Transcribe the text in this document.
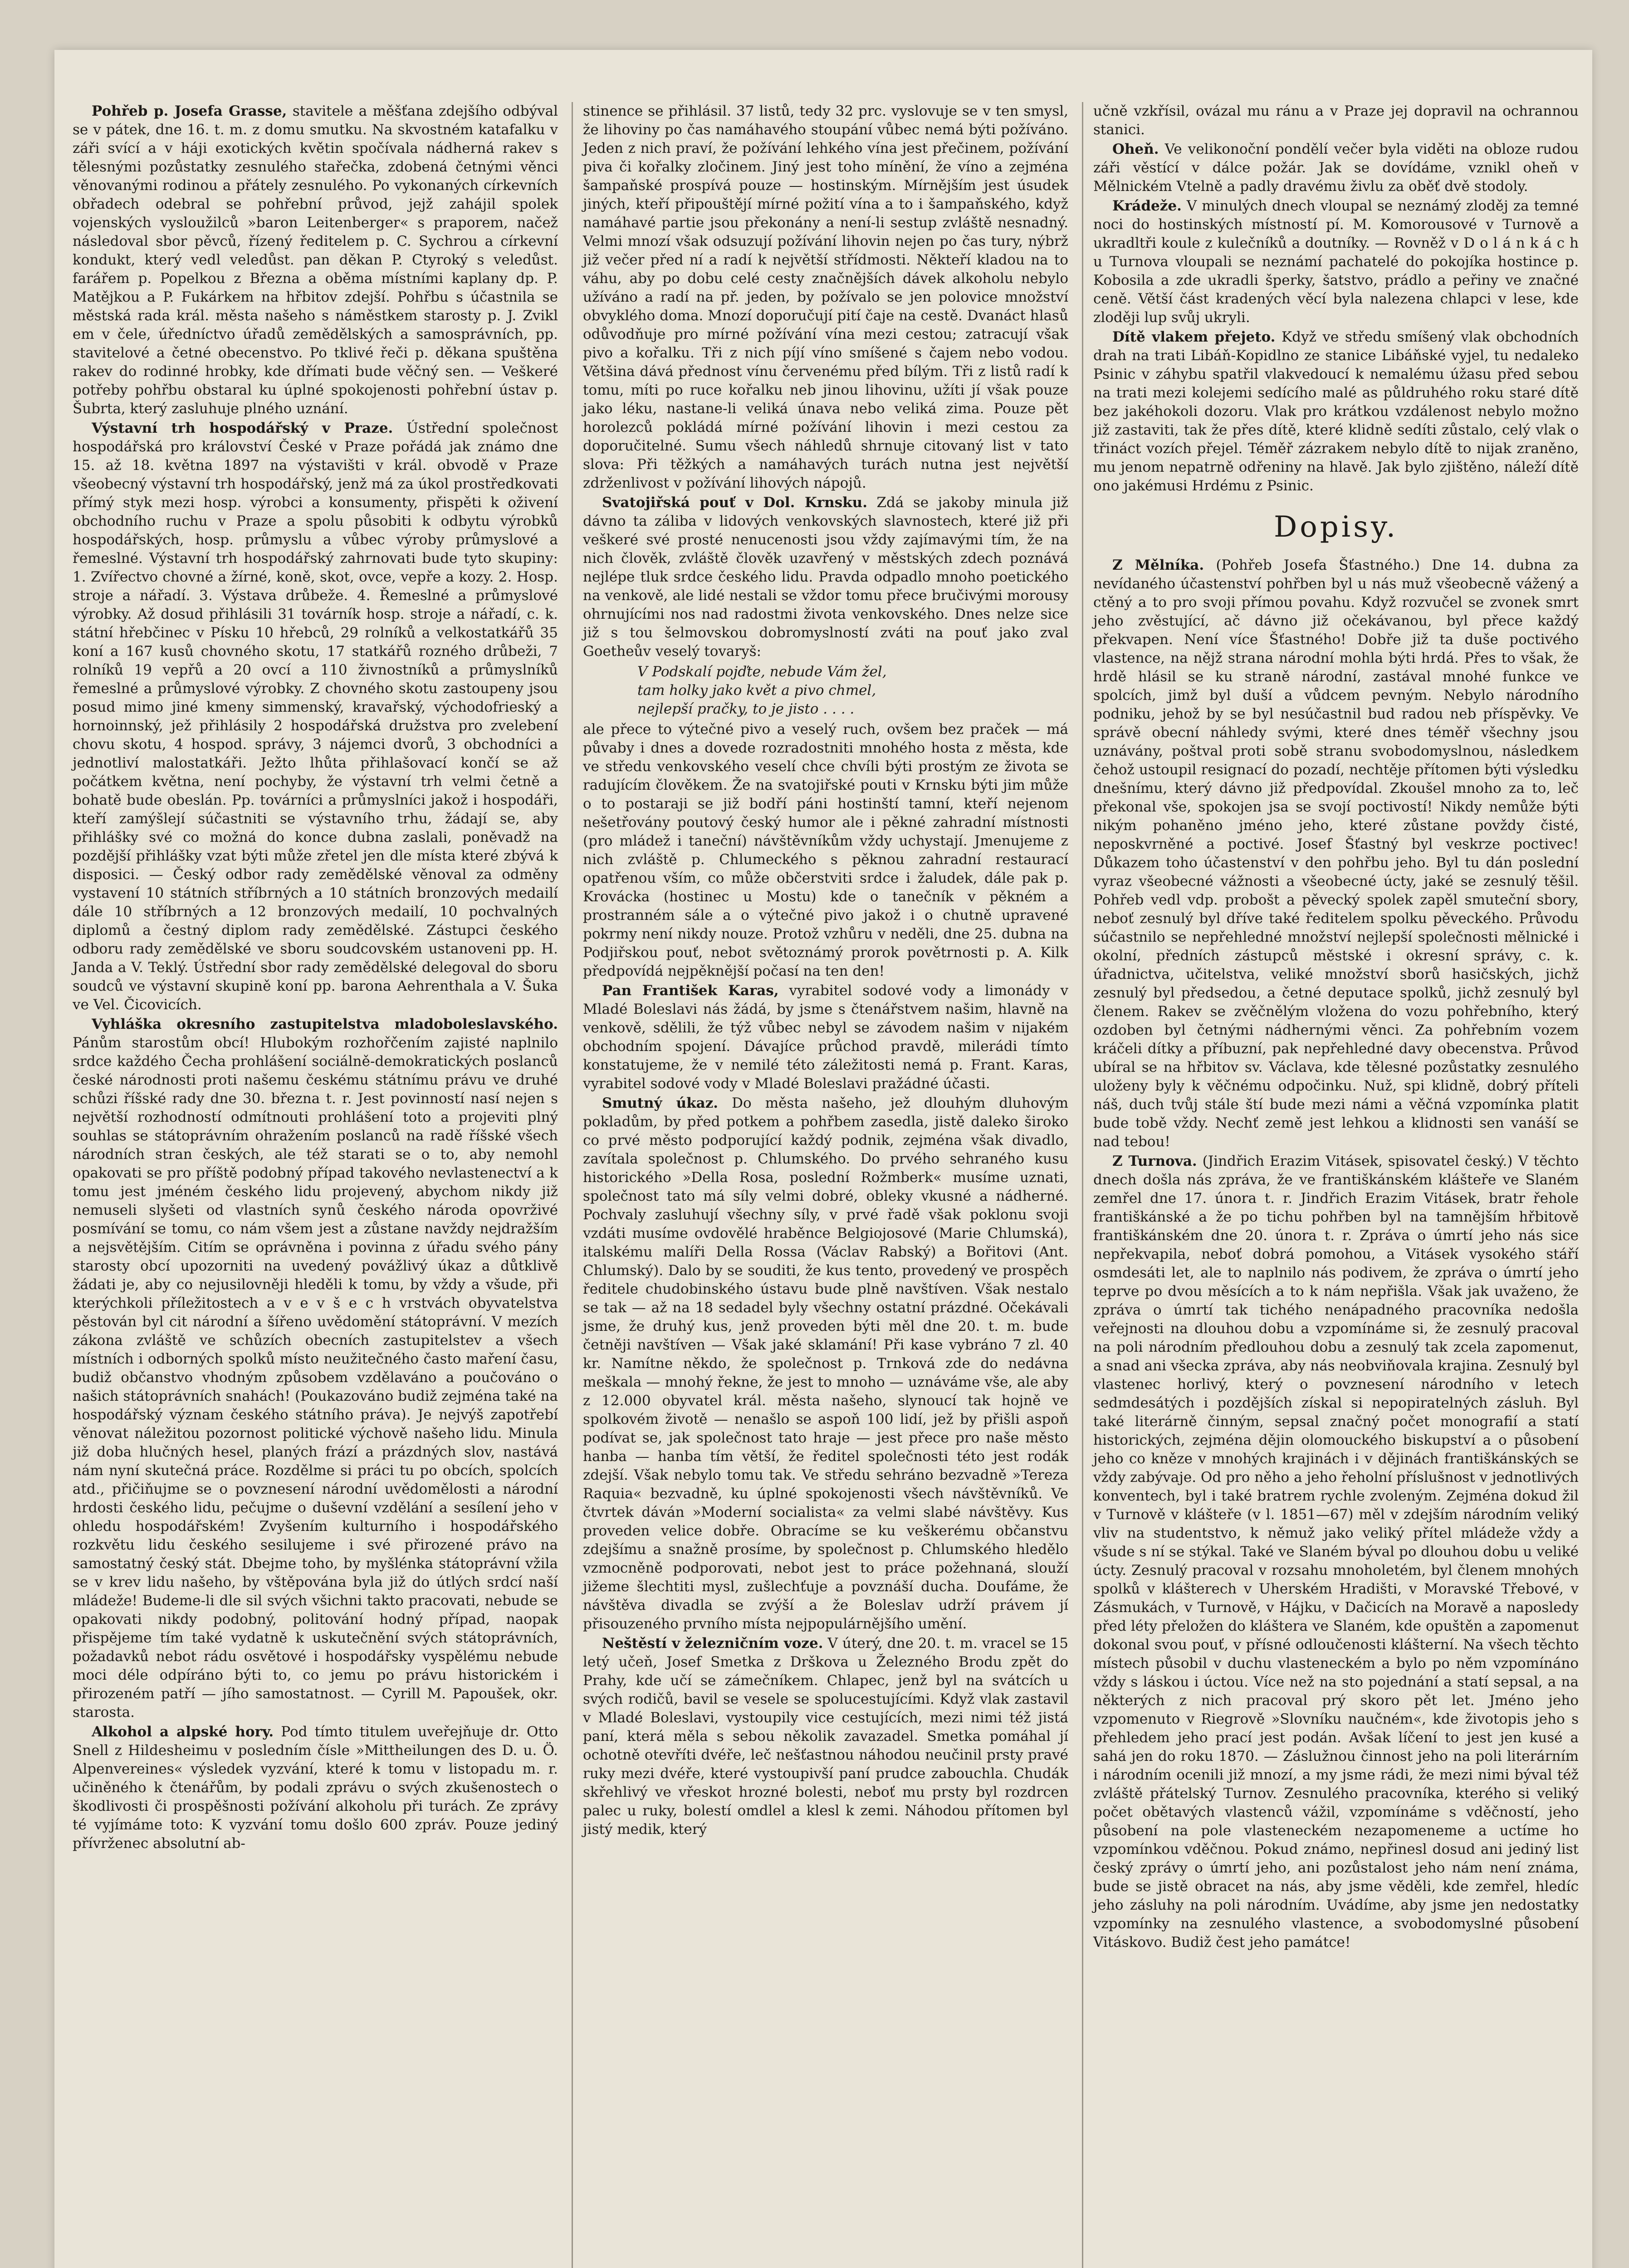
Pohřeb p. Josefa Grasse, stavitele a měšťana zdejšího odbýval se v pátek, dne 16. t. m. z domu smutku. Na skvostném katafalku v záři svící a v háji exotických květin spočívala nádherná rakev s tělesnými pozůstatky zesnulého stařečka, zdobená četnými věnci věnovanými rodinou a přátely zesnulého. Po vykonaných církevních obřadech odebral se pohřební průvod, jejž zahájil spolek vojenských vysloužilců »baron Leitenberger« s praporem, načež následoval sbor pěvců, řízený ředitelem p. C. Sychrou a církevní kondukt, který vedl veledůst. pan děkan P. Ctyroký s veledůst. farářem p. Popelkou z Března a oběma místními kaplany dp. P. Matějkou a P. Fukárkem na hřbitov zdejší. Pohřbu s účastnila se městská rada král. města našeho s náměstkem starosty p. J. Zvikl em v čele, úředníctvo úřadů zemědělských a samosprávních, pp. stavitelové a četné obecenstvo. Po tklivé řeči p. děkana spuštěna rakev do rodinné hrobky, kde dřímati bude věčný sen. — Veškeré potřeby pohřbu obstaral ku úplné spokojenosti pohřební ústav p. Šubrta, který zasluhuje plného uznání.

Výstavní trh hospodářský v Praze. Ústřední společnost hospodářská pro království České v Praze pořádá jak známo dne 15. až 18. května 1897 na výstavišti v král. obvodě v Praze všeobecný výstavní trh hospodářský, jenž má za úkol prostředkovati přímý styk mezi hosp. výrobci a konsumenty, přispěti k oživení obchodního ruchu v Praze a spolu působiti k odbytu výrobků hospodářských, hosp. průmyslu a vůbec výroby průmyslové a řemeslné. Výstavní trh hospodářský zahrnovati bude tyto skupiny: 1. Zvířectvo chovné a žírné, koně, skot, ovce, vepře a kozy. 2. Hosp. stroje a nářadí. 3. Výstava drůbeže. 4. Řemeslné a průmyslové výrobky. Až dosud přihlásili 31 továrník hosp. stroje a nářadí, c. k. státní hřebčinec v Písku 10 hřebců, 29 rolníků a velkostatkářů 35 koní a 167 kusů chovného skotu, 17 statkářů rozného drůbeži, 7 rolníků 19 vepřů a 20 ovcí a 110 živnostníků a průmyslníků řemeslné a průmyslové výrobky. Z chovného skotu zastoupeny jsou posud mimo jiné kmeny simmenský, kravařský, východofrieský a hornoinnský, jež přihlásily 2 hospodářská družstva pro zvelebení chovu skotu, 4 hospod. správy, 3 nájemci dvorů, 3 obchodníci a jednotliví malostatkáři. Ježto lhůta přihlašovací končí se až počátkem května, není pochyby, že výstavní trh velmi četně a bohatě bude obeslán. Pp. továrníci a průmyslníci jakož i hospodáři, kteří zamýšlejí súčastniti se výstavního trhu, žádají se, aby přihlášky své co možná do konce dubna zaslali, poněvadž na pozdější přihlášky vzat býti může zřetel jen dle místa které zbývá k disposici. — Český odbor rady zemědělské věnoval za odměny vystavení 10 státních stříbrných a 10 státních bronzových medailí dále 10 stříbrných a 12 bronzových medailí, 10 pochvalných diplomů a čestný diplom rady zemědělské. Zástupci českého odboru rady zemědělské ve sboru soudcovském ustanoveni pp. H. Janda a V. Teklý. Ústřední sbor rady zemědělské delegoval do sboru soudců ve výstavní skupině koní pp. barona Aehrenthala a V. Šuka ve Vel. Čicovicích.

Vyhláška okresního zastupitelstva mladoboleslavského. Pánům starostům obcí! Hlubokým rozhořčením zajisté naplnilo srdce každého Čecha prohlášení sociálně-demokratických poslanců české národnosti proti našemu českému státnímu právu ve druhé schůzi říšské rady dne 30. března t. r. Jest povinností nasí nejen s největší rozhodností odmítnouti prohlášení toto a projeviti plný souhlas se státoprávním ohražením poslanců na radě říšské všech národních stran českých, ale též starati se o to, aby nemohl opakovati se pro příště podobný případ takového nevlastenectví a k tomu jest jméném českého lidu projevený, abychom nikdy již nemuseli slyšeti od vlastních synů českého národa opovrživé posmívání se tomu, co nám všem jest a zůstane navždy nejdražším a nejsvětějším. Citím se oprávněna i povinna z úřadu svého pány starosty obcí upozorniti na uvedený povážlivý úkaz a důtklivě žádati je, aby co nejusilovněji hleděli k tomu, by vždy a všude, při kterýchkoli příležitostech a v e v š e c h vrstvách obyvatelstva pěstován byl cit národní a šířeno uvědomění státoprávní. V mezích zákona zvláště ve schůzích obecních zastupitelstev a všech místních i odborných spolků místo neužitečného často maření času, budiž občanstvo vhodným způsobem vzdělaváno a poučováno o našich státoprávních snahách! (Poukazováno budiž zejména také na hospodářský význam českého státního práva). Je nejvýš zapotřebí věnovat náležitou pozornost politické výchově našeho lidu. Minula již doba hlučných hesel, planých frází a prázdných slov, nastává nám nyní skutečná práce. Rozdělme si práci tu po obcích, spolcích atd., přičiňujme se o povznesení národní uvědomělosti a národní hrdosti českého lidu, pečujme o duševní vzdělání a sesílení jeho v ohledu hospodářském! Zvyšením kulturního i hospodářského rozkvětu lidu českého sesilujeme i své přirozené právo na samostatný český stát. Dbejme toho, by myšlénka státoprávní vžila se v krev lidu našeho, by vštěpována byla již do útlých srdcí naší mládeže! Budeme-li dle sil svých všichni takto pracovati, nebude se opakovati nikdy podobný, politování hodný případ, naopak přispějeme tím také vydatně k uskutečnění svých státoprávních, požadavků nebot rádu osvětové i hospodářsky vyspělému nebude moci déle odpíráno býti to, co jemu po právu historickém i přirozeném patří — jího samostatnost. — Cyrill M. Papoušek, okr. starosta.

Alkohol a alpské hory. Pod tímto titulem uveřejňuje dr. Otto Snell z Hildesheimu v posledním čísle »Mittheilungen des D. u. Ö. Alpenvereines« výsledek vyzvání, které k tomu v listopadu m. r. učiněného k čtenářům, by podali zprávu o svých zkušenostech o škodlivosti či prospěšnosti požívání alkoholu při turách. Ze zprávy té vyjímáme toto: K vyzvání tomu došlo 600 zpráv. Pouze jediný přívrženec absolutní ab-

stinence se přihlásil. 37 listů, tedy 32 prc. vyslovuje se v ten smysl, že lihoviny po čas namáhavého stoupání vůbec nemá býti požíváno. Jeden z nich praví, že požívání lehkého vína jest přečinem, požívání piva či kořalky zločinem. Jiný jest toho mínění, že víno a zejména šampaňské prospívá pouze — hostinským. Mírnějším jest úsudek jiných, kteří připouštějí mírné požití vína a to i šampaňského, když namáhavé partie jsou překonány a není-li sestup zvláště nesnadný. Velmi mnozí však odsuzují požívání lihovin nejen po čas tury, nýbrž již večer před ní a radí k největší střídmosti. Někteří kladou na to váhu, aby po dobu celé cesty značnějších dávek alkoholu nebylo užíváno a radí na př. jeden, by požívalo se jen polovice množství obvyklého doma. Mnozí doporučují pití čaje na cestě. Dvanáct hlasů odůvodňuje pro mírné požívání vína mezi cestou; zatracují však pivo a kořalku. Tři z nich píjí víno smíšené s čajem nebo vodou. Většina dává přednost vínu červenému před bílým. Tři z listů radí k tomu, míti po ruce kořalku neb jinou lihovinu, užíti jí však pouze jako léku, nastane-li veliká únava nebo veliká zima. Pouze pět horolezců pokládá mírné požívání lihovin i mezi cestou za doporučitelné. Sumu všech náhledů shrnuje citovaný list v tato slova: Při těžkých a namáhavých turách nutna jest největší zdrženlivost v požívání lihových nápojů.

Svatojiřská pouť v Dol. Krnsku. Zdá se jakoby minula již dávno ta záliba v lidových venkovských slavnostech, které již při veškeré své prosté nenucenosti jsou vždy zajímavými tím, že na nich člověk, zvláště člověk uzavřený v městských zdech poznává nejlépe tluk srdce českého lidu. Pravda odpadlo mnoho poetického na venkově, ale lidé nestali se vždor tomu přece bručivými morousy ohrnujícími nos nad radostmi života venkovského. Dnes nelze sice již s tou šelmovskou dobromyslností zváti na pouť jako zval Goetheův veselý tovaryš:

V Podskalí pojďte, nebude Vám žel,
tam holky jako květ a pivo chmel,
nejlepší pračky, to je jisto . . . .

ale přece to výtečné pivo a veselý ruch, ovšem bez praček — má půvaby i dnes a dovede rozradostniti mnohého hosta z města, kde ve středu venkovského veselí chce chvíli býti prostým ze života se radujícím člověkem. Že na svatojiřské pouti v Krnsku býti jim může o to postaraji se již bodří páni hostinští tamní, kteří nejenom nešetřovány poutový český humor ale i pěkné zahradní místnosti (pro mládež i taneční) návštěvníkům vždy uchystají. Jmenujeme z nich zvláště p. Chlumeckého s pěknou zahradní restaurací opatřenou vším, co může občerstviti srdce i žaludek, dále pak p. Krovácka (hostinec u Mostu) kde o tanečník v pěkném a prostranném sále a o výtečné pivo jakož i o chutně upravené pokrmy není nikdy nouze. Protož vzhůru v neděli, dne 25. dubna na Podjiřskou pouť, nebot světoznámý prorok povětrnosti p. A. Kilk předpovídá nejpěknější počasí na ten den!

Pan František Karas, vyrabitel sodové vody a limonády v Mladé Boleslavi nás žádá, by jsme s čtenářstvem našim, hlavně na venkově, sdělili, že týž vůbec nebyl se závodem našim v nijakém obchodním spojení. Dávajíce průchod pravdě, milerádi tímto konstatujeme, že v nemilé této záležitosti nemá p. Frant. Karas, vyrabitel sodové vody v Mladé Boleslavi pražádné účasti.

Smutný úkaz. Do města našeho, jež dlouhým dluhovým pokladům, by před potkem a pohřbem zasedla, jistě daleko široko co prvé město podporující každý podnik, zejména však divadlo, zavítala společnost p. Chlumského. Do prvého sehraného kusu historického »Della Rosa, poslední Rožmberk« musíme uznati, společnost tato má síly velmi dobré, obleky vkusné a nádherné. Pochvaly zasluhují všechny síly, v prvé řadě však poklonu svoji vzdáti musíme ovdovělé hraběnce Belgiojosové (Marie Chlumská), italskému malíři Della Rossa (Václav Rabský) a Bořitovi (Ant. Chlumský). Dalo by se souditi, že kus tento, provedený ve prospěch ředitele chudobinského ústavu bude plně navštíven. Však nestalo se tak — až na 18 sedadel byly všechny ostatní prázdné. Očekávali jsme, že druhý kus, jenž proveden býti měl dne 20. t. m. bude četněji navštíven — Však jaké sklamání! Při kase vybráno 7 zl. 40 kr. Namítne někdo, že společnost p. Trnková zde do nedávna meškala — mnohý řekne, že jest to mnoho — uznáváme vše, ale aby z 12.000 obyvatel král. města našeho, slynoucí tak hojně ve spolkovém životě — nenašlo se aspoň 100 lidí, jež by přišli aspoň podívat se, jak společnost tato hraje — jest přece pro naše město hanba — hanba tím větší, že ředitel společnosti této jest rodák zdejší. Však nebylo tomu tak. Ve středu sehráno bezvadně »Tereza Raquia« bezvadně, ku úplné spokojenosti všech návštěvníků. Ve čtvrtek dáván »Moderní socialista« za velmi slabé návštěvy. Kus proveden velice dobře. Obracíme se ku veškerému občanstvu zdejšímu a snažně prosíme, by společnost p. Chlumského hledělo vzmocněně podporovati, nebot jest to práce požehnaná, slouží jižeme šlechtiti mysl, zušlechťuje a povznáší ducha. Doufáme, že návštěva divadla se zvýší a že Boleslav udrží právem jí přisouzeného prvního místa nejpopulárnějšího umění.

Neštěstí v železničním voze. V úterý, dne 20. t. m. vracel se 15 letý učeň, Josef Smetka z Drškova u Železného Brodu zpět do Prahy, kde učí se zámečníkem. Chlapec, jenž byl na svátcích u svých rodičů, bavil se vesele se spolucestujícími. Když vlak zastavil v Mladé Boleslavi, vystoupily vice cestujících, mezi nimi též jistá paní, která měla s sebou několik zavazadel. Smetka pomáhal jí ochotně otevříti dvéře, leč nešťastnou náhodou neučinil prsty pravé ruky mezi dvéře, které vystoupivší paní prudce zabouchla. Chudák skřehlivý ve vřeskot hrozné bolesti, neboť mu prsty byl rozdrcen palec u ruky, bolestí omdlel a klesl k zemi. Náhodou přítomen byl jistý medik, který

učně vzkřísil, ovázal mu ránu a v Praze jej dopravil na ochrannou stanici.

Oheň. Ve velikonoční pondělí večer byla viděti na obloze rudou záři věstící v dálce požár. Jak se dovídáme, vznikl oheň v Mělnickém Vtelně a padly dravému živlu za oběť dvě stodoly.

Krádeže. V minulých dnech vloupal se neznámý zloděj za temné noci do hostinských místností pí. M. Komorousové v Turnově a ukradltři koule z kulečníků a doutníky. — Rovněž v D o l á n k á c h u Turnova vloupali se neznámí pachatelé do pokojíka hostince p. Kobosila a zde ukradli šperky, šatstvo, prádlo a peřiny ve značné ceně. Větší část kradených věcí byla nalezena chlapci v lese, kde zloději lup svůj ukryli.

Dítě vlakem přejeto. Když ve středu smíšený vlak obchodních drah na trati Libáň-Kopidlno ze stanice Libáňské vyjel, tu nedaleko Psinic v záhybu spatřil vlakvedoucí k nemalému úžasu před sebou na trati mezi kolejemi sedícího malé as půldruhého roku staré dítě bez jakéhokoli dozoru. Vlak pro krátkou vzdálenost nebylo možno již zastaviti, tak že přes dítě, které klidně sedíti zůstalo, celý vlak o třináct vozích přejel. Téměř zázrakem nebylo dítě to nijak zraněno, mu jenom nepatrně odřeniny na hlavě. Jak bylo zjištěno, náleží dítě ono jakémusi Hrdému z Psinic.

Dopisy.

Z Mělníka. (Pohřeb Josefa Šťastného.) Dne 14. dubna za nevídaného účastenství pohřben byl u nás muž všeobecně vážený a ctěný a to pro svoji přímou povahu. Když rozvučel se zvonek smrt jeho zvěstující, ač dávno již očekávanou, byl přece každý překvapen. Není více Šťastného! Dobře již ta duše poctivého vlastence, na nějž strana národní mohla býti hrdá. Přes to však, že hrdě hlásil se ku straně národní, zastával mnohé funkce ve spolcích, jimž byl duší a vůdcem pevným. Nebylo národního podniku, jehož by se byl nesúčastnil bud radou neb příspěvky. Ve správě obecní náhledy svými, které dnes téměř všechny jsou uznávány, poštval proti sobě stranu svobodomyslnou, následkem čehož ustoupil resignací do pozadí, nechtěje přítomen býti výsledku dnešnímu, který dávno již předpovídal. Zkoušel mnoho za to, leč překonal vše, spokojen jsa se svojí poctivostí! Nikdy nemůže býti nikým pohaněno jméno jeho, které zůstane povždy čisté, neposkvrněné a poctivé. Josef Šťastný byl veskrze poctivec! Důkazem toho účastenství v den pohřbu jeho. Byl tu dán poslední vyraz všeobecné vážnosti a všeobecné úcty, jaké se zesnulý těšil. Pohřeb vedl vdp. probošt a pěvecký spolek zapěl smuteční sbory, neboť zesnulý byl dříve také ředitelem spolku pěveckého. Průvodu súčastnilo se nepřehledné množství nejlepší společnosti mělnické i okolní, předních zástupců městské i okresní správy, c. k. úřadnictva, učitelstva, veliké množství sborů hasičských, jichž zesnulý byl předsedou, a četné deputace spolků, jichž zesnulý byl členem. Rakev se zvěčnělým vložena do vozu pohřebního, který ozdoben byl četnými nádhernými věnci. Za pohřebním vozem kráčeli dítky a příbuzní, pak nepřehledné davy obecenstva. Průvod ubíral se na hřbitov sv. Václava, kde tělesné pozůstatky zesnulého uloženy byly k věčnému odpočinku. Nuž, spi klidně, dobrý příteli náš, duch tvůj stále ští bude mezi námi a věčná vzpomínka platit bude tobě vždy. Nechť země jest lehkou a klidnosti sen vanáší se nad tebou!

Z Turnova. (Jindřich Erazim Vitásek, spisovatel český.) V těchto dnech došla nás zpráva, že ve františkánském klášteře ve Slaném zemřel dne 17. února t. r. Jindřich Erazim Vitásek, bratr řehole františkánské a že po tichu pohřben byl na tamnějším hřbitově františkánském dne 20. února t. r. Zpráva o úmrtí jeho nás sice nepřekvapila, neboť dobrá pomohou, a Vitásek vysokého stáří osmdesáti let, ale to naplnilo nás podivem, že zpráva o úmrtí jeho teprve po dvou měsících a to k nám nepřišla. Však jak uvaženo, že zpráva o úmrtí tak tichého nenápadného pracovníka nedošla veřejnosti na dlouhou dobu a vzpomínáme si, že zesnulý pracoval na poli národním předlouhou dobu a zesnulý tak zcela zapomenut, a snad ani všecka zpráva, aby nás neobviňovala krajina. Zesnulý byl vlastenec horlivý, který o povznesení národního v letech sedmdesátých i pozdějších získal si nepopiratelných zásluh. Byl také literárně činným, sepsal značný počet monografií a statí historických, zejména dějin olomouckého biskupství a o působení jeho co kněze v mnohých krajinách i v dějinách františkánských se vždy zabývaje. Od pro něho a jeho řeholní příslušnost v jednotlivých konventech, byl i také bratrem rychle zvoleným. Zejména dokud žil v Turnově v klášteře (v l. 1851—67) měl v zdejším národním veliký vliv na studentstvo, k němuž jako veliký přítel mládeže vždy a všude s ní se stýkal. Také ve Slaném býval po dlouhou dobu u veliké úcty. Zesnulý pracoval v rozsahu mnoholetém, byl členem mnohých spolků v klášterech v Uherském Hradišti, v Moravské Třebové, v Zásmukách, v Turnově, v Hájku, v Dačicích na Moravě a naposledy před léty přeložen do kláštera ve Slaném, kde opuštěn a zapomenut dokonal svou pouť, v přísné odloučenosti klášterní. Na všech těchto místech působil v duchu vlasteneckém a bylo po něm vzpomínáno vždy s láskou i úctou. Více než na sto pojednání a statí sepsal, a na některých z nich pracoval prý skoro pět let. Jméno jeho vzpomenuto v Riegrově »Slovníku naučném«, kde životopis jeho s přehledem jeho prací jest podán. Avšak líčení to jest jen kusé a sahá jen do roku 1870. — Záslužnou činnost jeho na poli literárním i národním ocenili již mnozí, a my jsme rádi, že mezi nimi býval též zvláště přátelský Turnov. Zesnulého pracovníka, kterého si veliký počet obětavých vlastenců vážil, vzpomínáme s vděčností, jeho působení na pole vlasteneckém nezapomeneme a uctíme ho vzpomínkou vděčnou. Pokud známo, nepřinesl dosud ani jediný list český zprávy o úmrtí jeho, ani pozůstalost jeho nám není známa, bude se jistě obracet na nás, aby jsme věděli, kde zemřel, hledíc jeho zásluhy na poli národním. Uvádíme, aby jsme jen nedostatky vzpomínky na zesnulého vlastence, a svobodomyslné působení Vitáskovo. Budiž čest jeho památce!
